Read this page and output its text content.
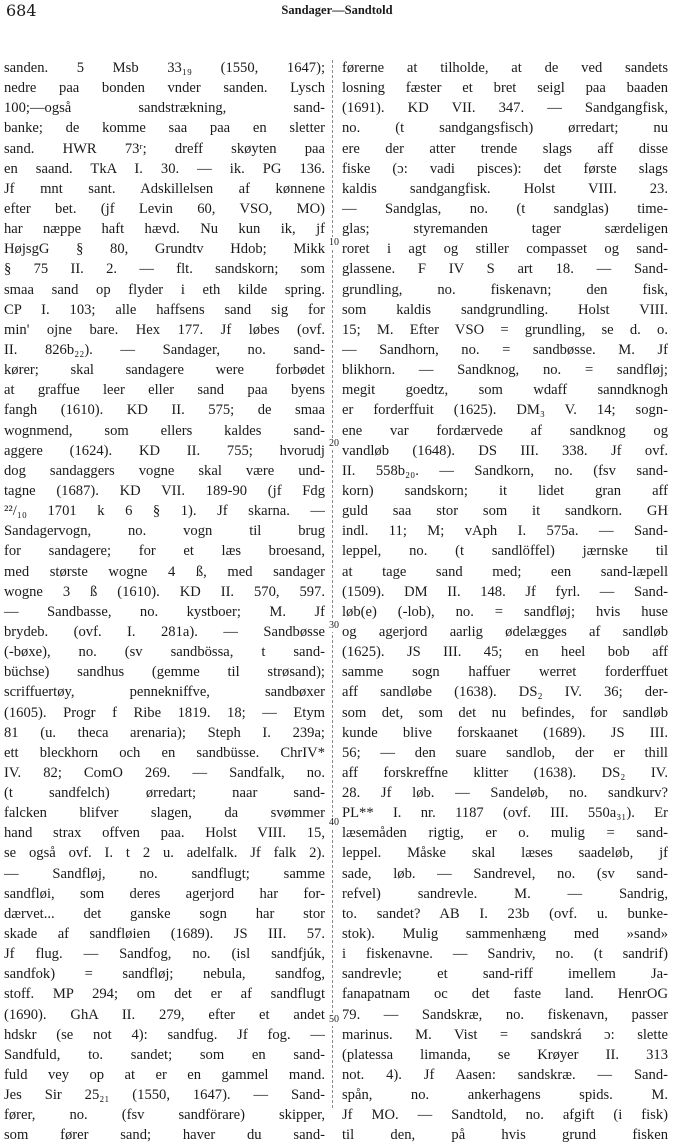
684	Sandager—Sandtold
10
20
30
40
50
sanden. 5 Msb 33₁₉ (1550, 1647);
nedre paa bonden vnder sanden. Lysch
100;—også sandstrækning, sand-
banke; de komme saa paa en sletter
sand. HWR 73ʳ; dreff skøyten paa
en saand. TkA I. 30. — ik. PG 136.
Jf mnt sant. Adskillelsen af kønnene
efter bet. (jf Levin 60, VSO, MO)
har næppe haft hævd. Nu kun ik, jf
HøjsgG § 80, Grundtv Hdob; Mikk
§ 75 II. 2. — flt. sandskorn; som
smaa sand op flyder i eth kilde spring.
CP I. 103; alle haffsens sand sig for
min' ojne bare. Hex 177. Jf løbes (ovf.
II. 826b₂₂). — Sandager, no. sand-
kører; skal sandagere were forbødet
at graffue leer eller sand paa byens
fangh (1610). KD II. 575; de smaa
wognmend, som ellers kaldes sand-
aggere (1624). KD II. 755; hvorudj
dog sandaggers vogne skal være und-
tagne (1687). KD VII. 189-90 (jf Fdg
²²/₁₀ 1701 k 6 § 1). Jf skarna. —
Sandagervogn, no. vogn til brug
for sandagere; for et læs broesand,
med største wogne 4 ß, med sandager
wogne 3 ß (1610). KD II. 570, 597.
— Sandbasse, no. kystboer; M. Jf
brydeb. (ovf. I. 281a). — Sandbøsse
(-bøxe), no. (sv sandbössa, t sand-
büchse) sandhus (gemme til strøsand);
scriffuertøy, pennekniffve, sandbøxer
(1605). Progr f Ribe 1819. 18; — Etym
81 (u. theca arenaria); Steph I. 239a;
ett bleckhorn och en sandbüsse. ChrIV*
IV. 82; ComO 269. — Sandfalk, no.
(t sandfelch) ørredart; naar sand-
falcken blifver slagen, da svømmer
hand strax offven paa. Holst VIII. 15,
se også ovf. I. t 2 u. adelfalk. Jf falk 2).
— Sandfløj, no. sandflugt; samme
sandfløi, som deres agerjord har for-
dærvet... det ganske sogn har stor
skade af sandfløien (1689). JS III. 57.
Jf flug. — Sandfog, no. (isl sandfjúk,
sandfok) = sandfløj; nebula, sandfog,
stoff. MP 294; om det er af sandflugt
(1690). GhA II. 279, efter et andet
hdskr (se not 4): sandfug. Jf fog. —
Sandfuld, to. sandet; som en sand-
fuld vey op at er en gammel mand.
Jes Sir 25₂₁ (1550, 1647). — Sand-
fører, no. (fsv sandförare) skipper,
som fører sand; haver du sand-
førerne at tilholde, at de ved sandets
losning fæster et bret seigl paa baaden
(1691). KD VII. 347. — Sandgangfisk,
no. (t sandgangsfisch) ørredart; nu
ere der atter trende slags aff disse
fiske (ɔ: vadi pisces): det første slags
kaldis sandgangfisk. Holst VIII. 23.
— Sandglas, no. (t sandglas) time-
glas; styremanden tager særdeligen
roret i agt og stiller compasset og sand-
glassene. F IV S art 18. — Sand-
grundling, no. fiskenavn; den fisk,
som kaldis sandgrundling. Holst VIII.
15; M. Efter VSO = grundling, se d. o.
— Sandhorn, no. = sandbøsse. M. Jf
blikhorn. — Sandknog, no. = sandfløj;
megit goedtz, som wdaff sanndknogh
er forderffuit (1625). DM₃ V. 14; sogn-
ene var fordærvede af sandknog og
vandløb (1648). DS III. 338. Jf ovf.
II. 558b₂₀. — Sandkorn, no. (fsv sand-
korn) sandskorn; it lidet gran aff
guld saa stor som it sandkorn. GH
indl. 11; M; vAph I. 575a. — Sand-
leppel, no. (t sandlöffel) jærnske til
at tage sand med; een sand-læpell
(1509). DM II. 148. Jf fyrl. — Sand-
løb(e) (-lob), no. = sandfløj; hvis huse
og agerjord aarlig ødelægges af sandløb
(1625). JS III. 45; en heel bob aff
samme sogn haffuer werret forderffuet
aff sandløbe (1638). DS₂ IV. 36; der-
som det, som det nu befindes, for sandløb
kunde blive forskaanet (1689). JS III.
56; — den suare sandlob, der er thill
aff forskreffne klitter (1638). DS₂ IV.
28. Jf løb. — Sandeløb, no. sandkurv?
PL** I. nr. 1187 (ovf. III. 550a₃₁). Er
læsemåden rigtig, er o. mulig = sand-
leppel. Måske skal læses saadeløb, jf
sade, løb. — Sandrevel, no. (sv sand-
refvel) sandrevle. M. — Sandrig,
to. sandet? AB I. 23b (ovf. u. bunke-
stok). Mulig sammenhæng med »sand»
i fiskenavne. — Sandriv, no. (t sandrif)
sandrevle; et sand-riff imellem Ja-
fanapatnam oc det faste land. HenrOG
79. — Sandskræ, no. fiskenavn, passer
marinus. M. Vist = sandskrá ɔ: slette
(platessa limanda, se Krøyer II. 313
not. 4). Jf Aasen: sandskræ. — Sand-
spån, no. ankerhagens spids. M.
Jf MO. — Sandtold, no. afgift (i fisk)
til den, på hvis grund fisken
